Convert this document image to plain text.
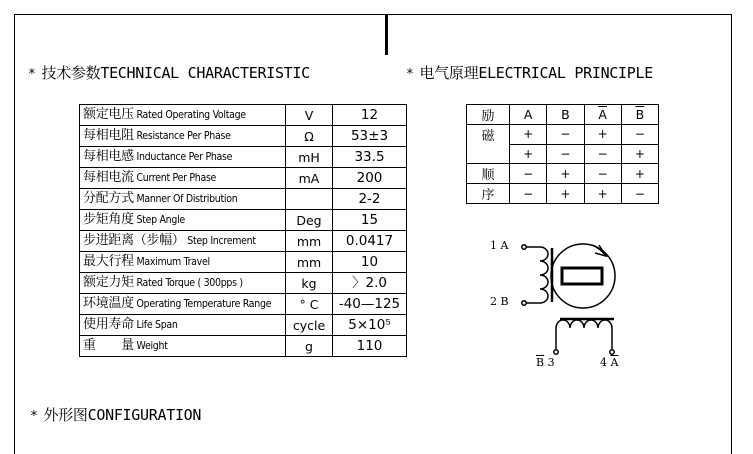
* 技术参数TECHNICAL CHARACTERISTIC	* 电气原理ELECTRICAL PRINCIPLE
* 外形图CONFIGURATION
额定电压 Rated Operating Voltage	V	12
每相电阻 Resistance Per Phase	Ω	53±3
每相电感 Inductance Per Phase	mH	33.5
每相电流 Current Per Phase	mA	200
分配方式 Manner Of Distribution		2-2
步矩角度 Step Angle	Deg	15
步进距离（步幅） Step Increment	mm	0.0417
最大行程 Maximum Travel	mm	10
额定力矩 Rated Torque ( 300pps )	kg	〉2.0
环境温度 Operating Temperature Range	° C	-40—125
使用寿命 Life Span	cycle	5×10⁵
重　　量 Weight	g	110
励	A	B	$\overline{A}$	$\overline{B}$
磁	+	−	+	−
	+	−	−	+
顺	−	+	−	+
序	−	+	+	−
1 A
2 B
$\overline{B}$ 3	4 $\overline{A}$
